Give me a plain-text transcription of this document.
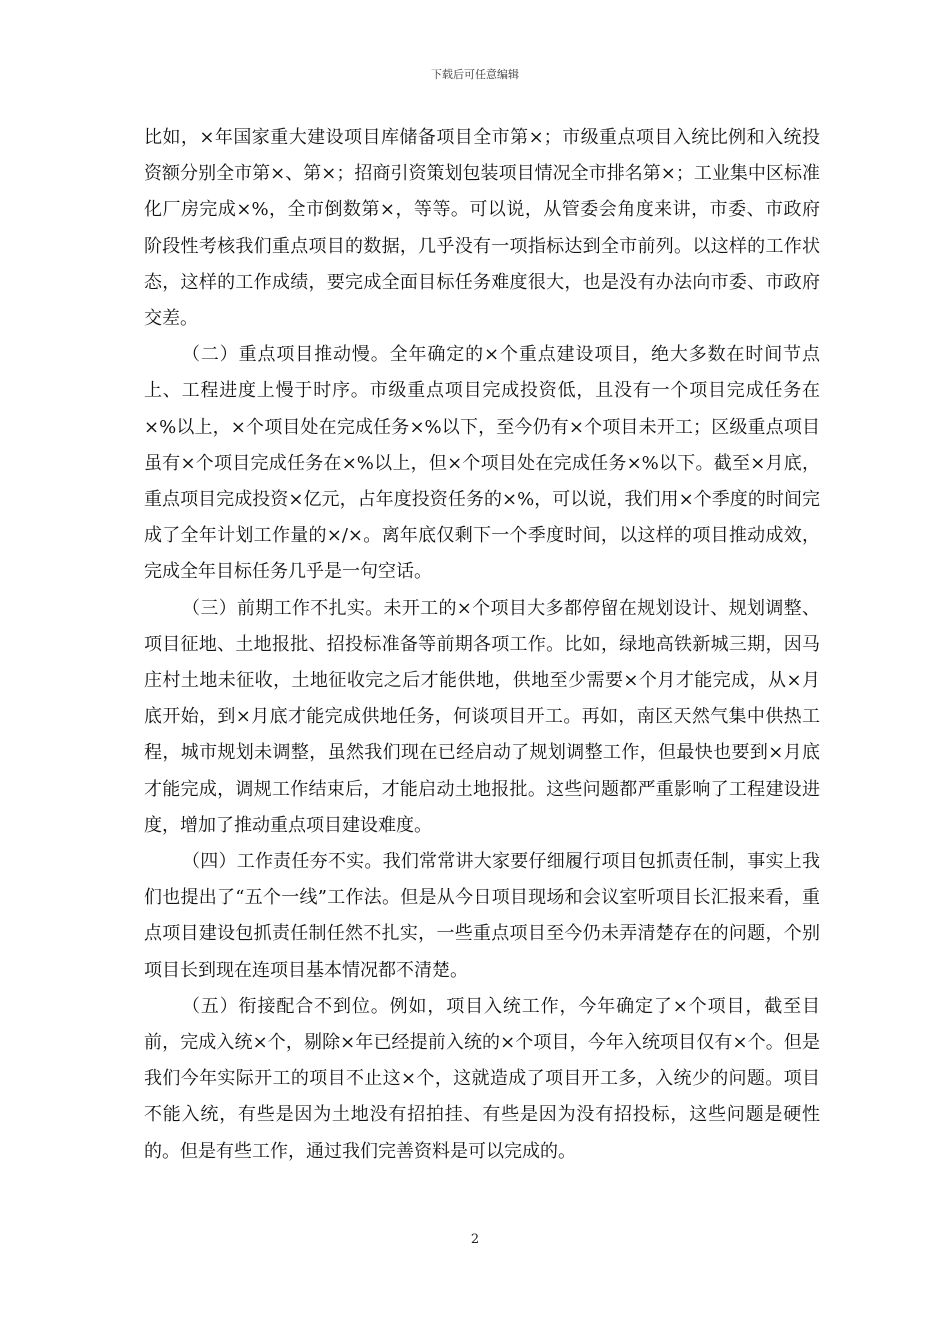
下载后可任意编辑

比如，×年国家重大建设项目库储备项目全市第×；市级重点项目入统比例和入统投资额分别全市第×、第×；招商引资策划包装项目情况全市排名第×；工业集中区标准化厂房完成×%，全市倒数第×，等等。可以说，从管委会角度来讲，市委、市政府阶段性考核我们重点项目的数据，几乎没有一项指标达到全市前列。以这样的工作状态，这样的工作成绩，要完成全面目标任务难度很大，也是没有办法向市委、市政府交差。

（二）重点项目推动慢。全年确定的×个重点建设项目，绝大多数在时间节点上、工程进度上慢于时序。市级重点项目完成投资低，且没有一个项目完成任务在×%以上，×个项目处在完成任务×%以下，至今仍有×个项目未开工；区级重点项目虽有×个项目完成任务在×%以上，但×个项目处在完成任务×%以下。截至×月底，重点项目完成投资×亿元，占年度投资任务的×%，可以说，我们用×个季度的时间完成了全年计划工作量的×/×。离年底仅剩下一个季度时间，以这样的项目推动成效，完成全年目标任务几乎是一句空话。

（三）前期工作不扎实。未开工的×个项目大多都停留在规划设计、规划调整、项目征地、土地报批、招投标准备等前期各项工作。比如，绿地高铁新城三期，因马庄村土地未征收，土地征收完之后才能供地，供地至少需要×个月才能完成，从×月底开始，到×月底才能完成供地任务，何谈项目开工。再如，南区天然气集中供热工程，城市规划未调整，虽然我们现在已经启动了规划调整工作，但最快也要到×月底才能完成，调规工作结束后，才能启动土地报批。这些问题都严重影响了工程建设进度，增加了推动重点项目建设难度。

（四）工作责任夯不实。我们常常讲大家要仔细履行项目包抓责任制，事实上我们也提出了“五个一线”工作法。但是从今日项目现场和会议室听项目长汇报来看，重点项目建设包抓责任制任然不扎实，一些重点项目至今仍未弄清楚存在的问题，个别项目长到现在连项目基本情况都不清楚。

（五）衔接配合不到位。例如，项目入统工作，今年确定了×个项目，截至目前，完成入统×个，剔除×年已经提前入统的×个项目，今年入统项目仅有×个。但是我们今年实际开工的项目不止这×个，这就造成了项目开工多，入统少的问题。项目不能入统，有些是因为土地没有招拍挂、有些是因为没有招投标，这些问题是硬性的。但是有些工作，通过我们完善资料是可以完成的。

2
